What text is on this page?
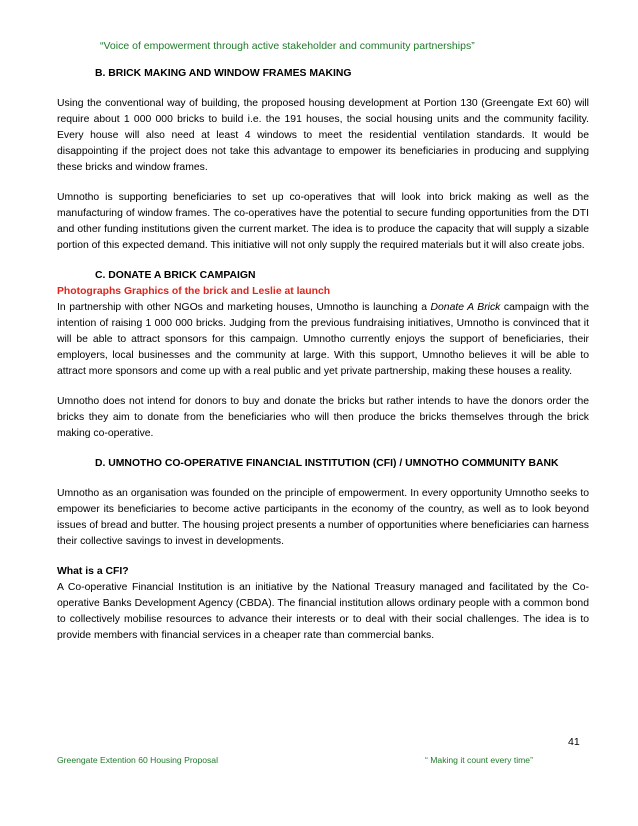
“Voice of empowerment through active stakeholder and community partnerships”
B. BRICK MAKING AND WINDOW FRAMES MAKING

Using the conventional way of building, the proposed housing development at Portion 130 (Greengate Ext 60) will require about 1 000 000 bricks to build i.e. the 191 houses, the social housing units and the community facility. Every house will also need at least 4 windows to meet the residential ventilation standards. It would be disappointing if the project does not take this advantage to empower its beneficiaries in producing and supplying these bricks and window frames.

Umnotho is supporting beneficiaries to set up co-operatives that will look into brick making as well as the manufacturing of window frames. The co-operatives have the potential to secure funding opportunities from the DTI and other funding institutions given the current market. The idea is to produce the capacity that will supply a sizable portion of this expected demand. This initiative will not only supply the required materials but it will also create jobs.

C. DONATE A BRICK CAMPAIGN
Photographs Graphics of the brick and Leslie at launch

In partnership with other NGOs and marketing houses, Umnotho is launching a Donate A Brick campaign with the intention of raising 1 000 000 bricks. Judging from the previous fundraising initiatives, Umnotho is convinced that it will be able to attract sponsors for this campaign. Umnotho currently enjoys the support of beneficiaries, their employers, local businesses and the community at large. With this support, Umnotho believes it will be able to attract more sponsors and come up with a real public and yet private partnership, making these houses a reality.

Umnotho does not intend for donors to buy and donate the bricks but rather intends to have the donors order the bricks they aim to donate from the beneficiaries who will then produce the bricks themselves through the brick making co-operative.

D. UMNOTHO CO-OPERATIVE FINANCIAL INSTITUTION (CFI) / UMNOTHO COMMUNITY BANK

Umnotho as an organisation was founded on the principle of empowerment. In every opportunity Umnotho seeks to empower its beneficiaries to become active participants in the economy of the country, as well as to look beyond issues of bread and butter. The housing project presents a number of opportunities where beneficiaries can harness their collective savings to invest in developments.

What is a CFI?

A Co-operative Financial Institution is an initiative by the National Treasury managed and facilitated by the Co-operative Banks Development Agency (CBDA). The financial institution allows ordinary people with a common bond to collectively mobilise resources to advance their interests or to deal with their social challenges. The idea is to provide members with financial services in a cheaper rate than commercial banks.

41
Greengate Extention 60 Housing Proposal	“ Making it count every time”
